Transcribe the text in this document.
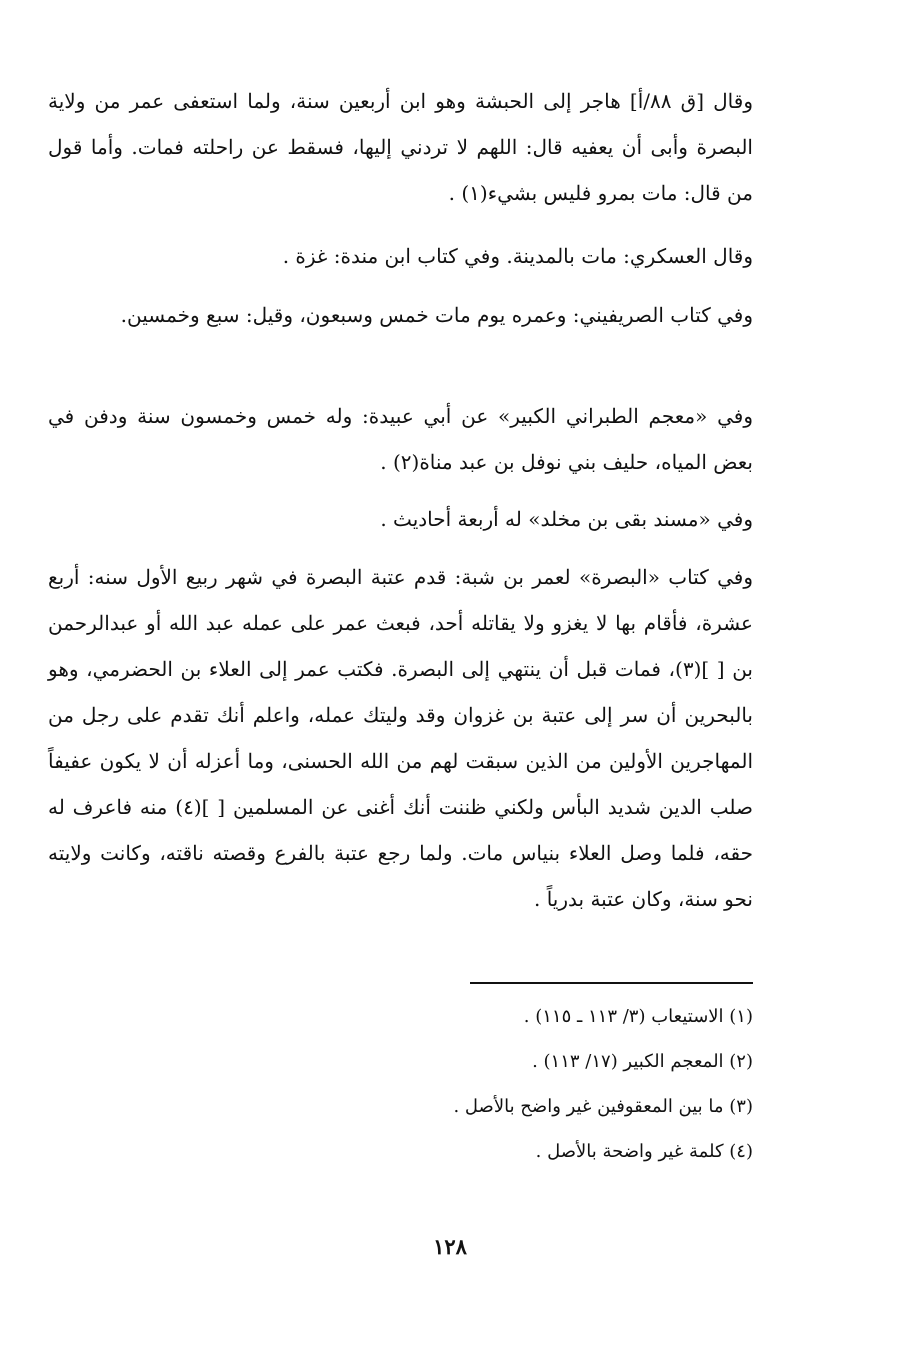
وقال [ق ٨٨/أ] هاجر إلى الحبشة وهو ابن أربعين سنة، ولما استعفى عمر من ولاية البصرة وأبى أن يعفيه قال: اللهم لا تردني إليها، فسقط عن راحلته فمات. وأما قول من قال: مات بمرو فليس بشيء(١) .

وقال العسكري: مات بالمدينة. وفي كتاب ابن مندة: غزة .

وفي كتاب الصريفيني: وعمره يوم مات خمس وسبعون، وقيل: سبع وخمسين.

وفي «معجم الطبراني الكبير» عن أبي عبيدة: وله خمس وخمسون سنة ودفن في بعض المياه، حليف بني نوفل بن عبد مناة(٢) .

وفي «مسند بقى بن مخلد» له أربعة أحاديث .

وفي كتاب «البصرة» لعمر بن شبة: قدم عتبة البصرة في شهر ربيع الأول سنه: أربع عشرة، فأقام بها لا يغزو ولا يقاتله أحد، فبعث عمر على عمله عبد الله أو عبدالرحمن بن [ ](٣)، فمات قبل أن ينتهي إلى البصرة. فكتب عمر إلى العلاء بن الحضرمي، وهو بالبحرين أن سر إلى عتبة بن غزوان وقد وليتك عمله، واعلم أنك تقدم على رجل من المهاجرين الأولين من الذين سبقت لهم من الله الحسنى، وما أعزله أن لا يكون عفيفاً صلب الدين شديد البأس ولكني ظننت أنك أغنى عن المسلمين [ ](٤) منه فاعرف له حقه، فلما وصل العلاء بنياس مات. ولما رجع عتبة بالفرع وقصته ناقته، وكانت ولايته نحو سنة، وكان عتبة بدرياً .

(١) الاستيعاب (٣/ ١١٣ ـ ١١٥) .

(٢) المعجم الكبير (١٧/ ١١٣) .

(٣) ما بين المعقوفين غير واضح بالأصل .

(٤) كلمة غير واضحة بالأصل .

١٢٨
